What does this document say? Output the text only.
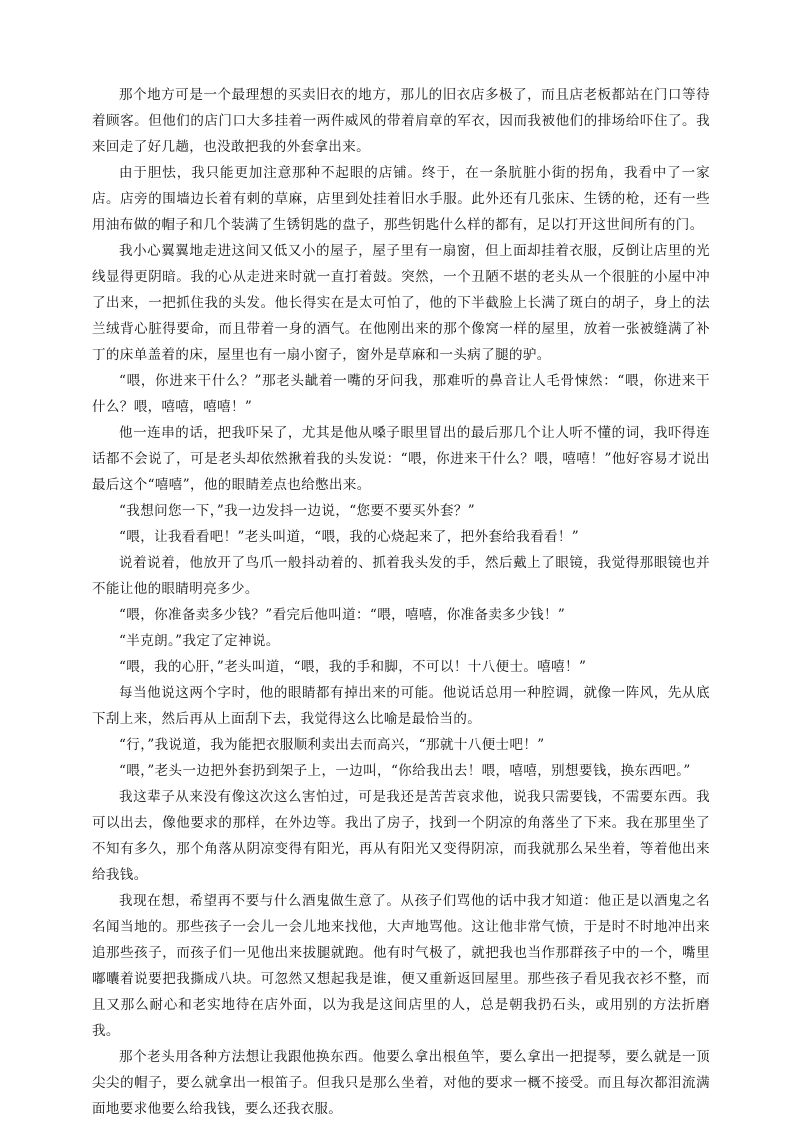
那个地方可是一个最理想的买卖旧衣的地方，那儿的旧衣店多极了，而且店老板都站在门口等待着顾客。但他们的店门口大多挂着一两件威风的带着肩章的军衣，因而我被他们的排场给吓住了。我来回走了好几趟，也没敢把我的外套拿出来。

由于胆怯，我只能更加注意那种不起眼的店铺。终于，在一条肮脏小街的拐角，我看中了一家店。店旁的围墙边长着有刺的草麻，店里到处挂着旧水手服。此外还有几张床、生锈的枪，还有一些用油布做的帽子和几个装满了生锈钥匙的盘子，那些钥匙什么样的都有，足以打开这世间所有的门。

我小心翼翼地走进这间又低又小的屋子，屋子里有一扇窗，但上面却挂着衣服，反倒让店里的光线显得更阴暗。我的心从走进来时就一直打着鼓。突然，一个丑陋不堪的老头从一个很脏的小屋中冲了出来，一把抓住我的头发。他长得实在是太可怕了，他的下半截脸上长满了斑白的胡子，身上的法兰绒背心脏得要命，而且带着一身的酒气。在他刚出来的那个像窝一样的屋里，放着一张被缝满了补丁的床单盖着的床，屋里也有一扇小窗子，窗外是草麻和一头病了腿的驴。

“喂，你进来干什么？”那老头龇着一嘴的牙问我，那难听的鼻音让人毛骨悚然：“喂，你进来干什么？喂，嘻嘻，嘻嘻！”

他一连串的话，把我吓呆了，尤其是他从嗓子眼里冒出的最后那几个让人听不懂的词，我吓得连话都不会说了，可是老头却依然揪着我的头发说：“喂，你进来干什么？喂，嘻嘻！”他好容易才说出最后这个“嘻嘻”，他的眼睛差点也给憋出来。

“我想问您一下，”我一边发抖一边说，“您要不要买外套？”

“喂，让我看看吧！”老头叫道，“喂，我的心烧起来了，把外套给我看看！”

说着说着，他放开了鸟爪一般抖动着的、抓着我头发的手，然后戴上了眼镜，我觉得那眼镜也并不能让他的眼睛明亮多少。

“喂，你准备卖多少钱？”看完后他叫道：“喂，嘻嘻，你准备卖多少钱！”

“半克朗。”我定了定神说。

“喂，我的心肝，”老头叫道，“喂，我的手和脚，不可以！十八便士。嘻嘻！”

每当他说这两个字时，他的眼睛都有掉出来的可能。他说话总用一种腔调，就像一阵风，先从底下刮上来，然后再从上面刮下去，我觉得这么比喻是最恰当的。

“行，”我说道，我为能把衣服顺利卖出去而高兴，“那就十八便士吧！”

“喂，”老头一边把外套扔到架子上，一边叫，“你给我出去！喂，嘻嘻，别想要钱，换东西吧。”

我这辈子从来没有像这次这么害怕过，可是我还是苦苦哀求他，说我只需要钱，不需要东西。我可以出去，像他要求的那样，在外边等。我出了房子，找到一个阴凉的角落坐了下来。我在那里坐了不知有多久，那个角落从阴凉变得有阳光，再从有阳光又变得阴凉，而我就那么呆坐着，等着他出来给我钱。

我现在想，希望再不要与什么酒鬼做生意了。从孩子们骂他的话中我才知道：他正是以酒鬼之名名闻当地的。那些孩子一会儿一会儿地来找他，大声地骂他。这让他非常气愤，于是时不时地冲出来追那些孩子，而孩子们一见他出来拔腿就跑。他有时气极了，就把我也当作那群孩子中的一个，嘴里嘟囔着说要把我撕成八块。可忽然又想起我是谁，便又重新返回屋里。那些孩子看见我衣衫不整，而且又那么耐心和老实地待在店外面，以为我是这间店里的人，总是朝我扔石头，或用别的方法折磨我。

那个老头用各种方法想让我跟他换东西。他要么拿出根鱼竿，要么拿出一把提琴，要么就是一顶尖尖的帽子，要么就拿出一根笛子。但我只是那么坐着，对他的要求一概不接受。而且每次都泪流满面地要求他要么给我钱，要么还我衣服。
